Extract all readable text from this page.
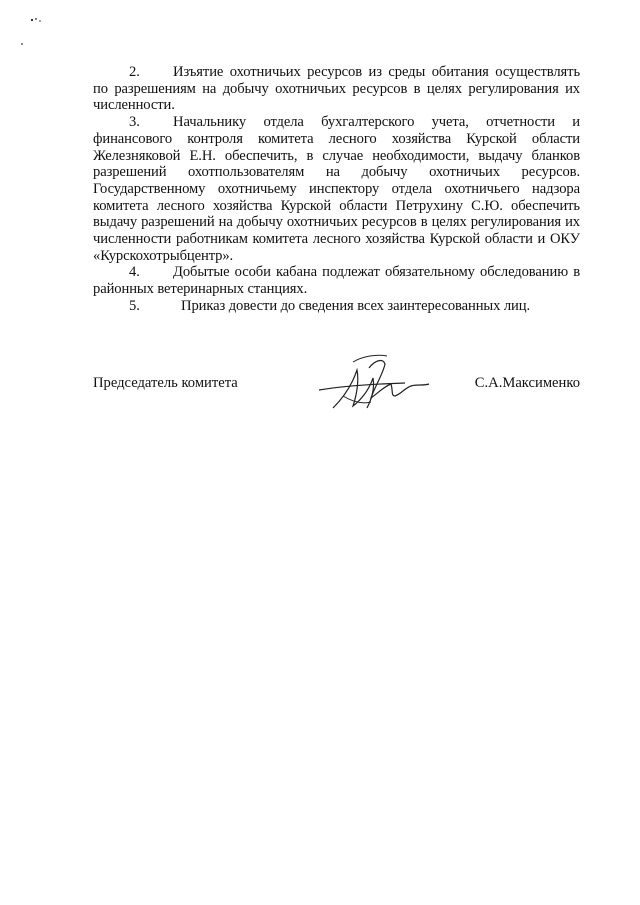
2. Изъятие охотничьих ресурсов из среды обитания осуществлять по разрешениям на добычу охотничьих ресурсов в целях регулирования их численности.

3. Начальнику отдела бухгалтерского учета, отчетности и финансового контроля комитета лесного хозяйства Курской области Железняковой Е.Н. обеспечить, в случае необходимости, выдачу бланков разрешений охотпользователям на добычу охотничьих ресурсов. Государственному охотничьему инспектору отдела охотничьего надзора комитета лесного хозяйства Курской области Петрухину С.Ю. обеспечить выдачу разрешений на добычу охотничьих ресурсов в целях регулирования их численности работникам комитета лесного хозяйства Курской области и ОКУ «Курскохотрыбцентр».

4. Добытые особи кабана подлежат обязательному обследованию в районных ветеринарных станциях.

5.	Приказ довести до сведения всех заинтересованных лиц.

Председатель комитета	С.А.Максименко
